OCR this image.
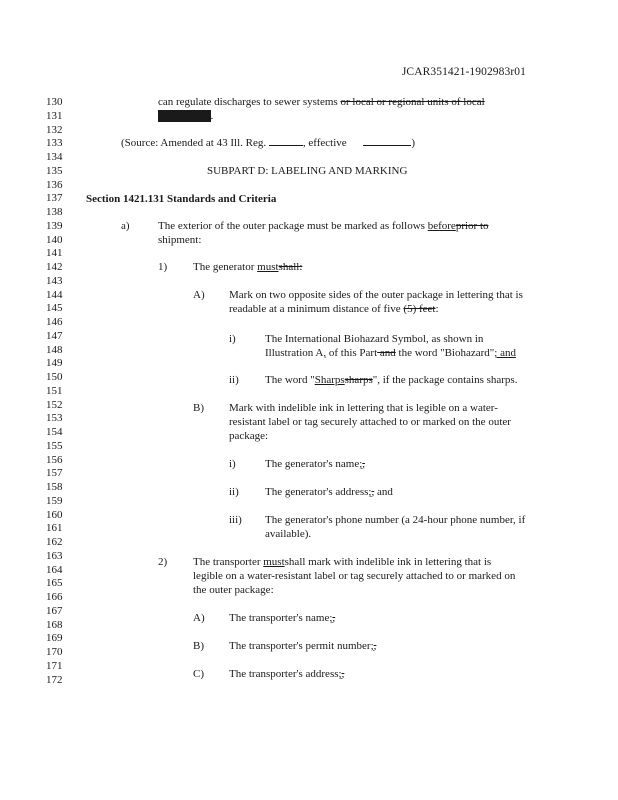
JCAR351421-1902983r01
130
131
132
133
134
135
136
137
138
139
140
141
142
143
144
145
146
147
148
149
150
151
152
153
154
155
156
157
158
159
160
161
162
163
164
165
166
167
168
169
170
171
172
can regulate discharges to sewer systems or local or regional units of local
government.
(Source: Amended at 43 Ill. Reg.	, effective	)
SUBPART D: LABELING AND MARKING
Section 1421.131 Standards and Criteria
a)	The exterior of the outer package must be marked as follows beforeprior to
shipment:
1) The generator mustshall:
A) Mark on two opposite sides of the outer package in lettering that is
readable at a minimum distance of five (5) feet:
i)	The International Biohazard Symbol, as shown in
Illustration A, of this Part and the word "Biohazard"; and
ii) The word "Sharpssharps", if the package contains sharps.
B) Mark with indelible ink in lettering that is legible on a water-
resistant label or tag securely attached to or marked on the outer
package:
i)	The generator's name;,
ii) The generator's address;, and
iii) The generator's phone number (a 24-hour phone number, if
available).
2) The transporter mustshall mark with indelible ink in lettering that is
legible on a water-resistant label or tag securely attached to or marked on
the outer package:
A) The transporter's name;,
B) The transporter's permit number;,
C) The transporter's address;,
